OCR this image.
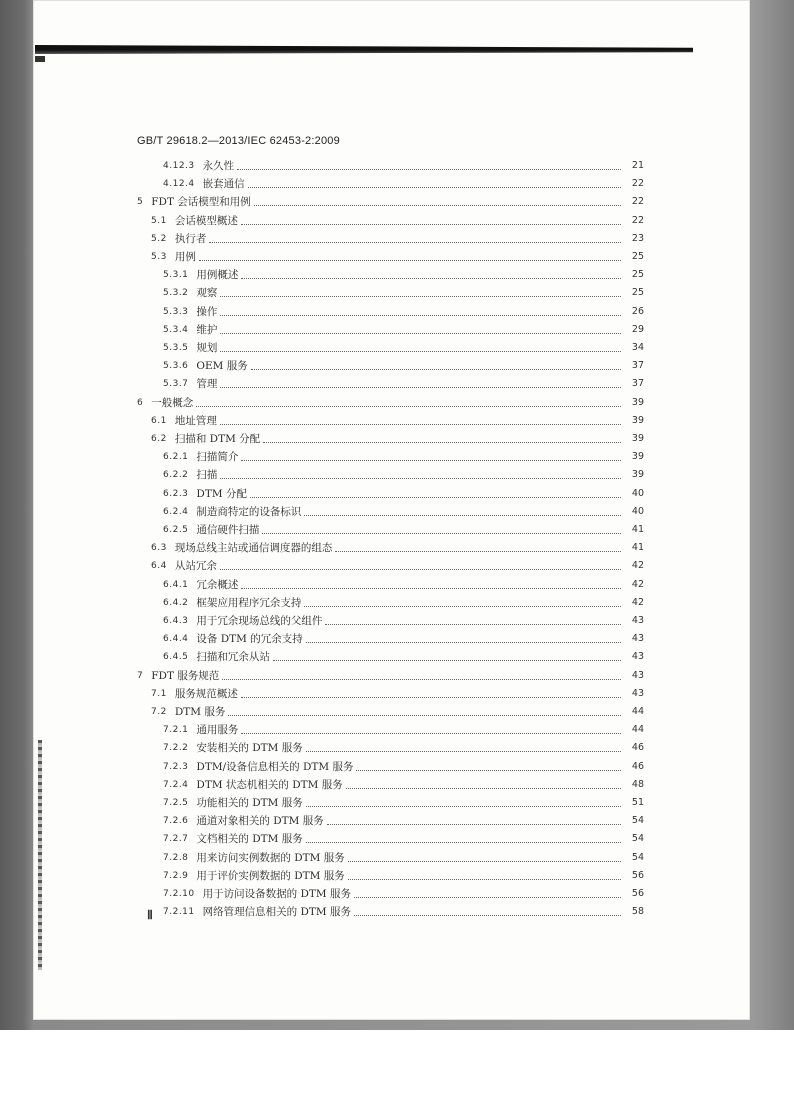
GB/T 29618.2—2013/IEC 62453-2:2009
4.12.3 永久性	21
4.12.4 嵌套通信	22
5 FDT 会话模型和用例	22
5.1 会话模型概述	22
5.2 执行者	23
5.3 用例	25
5.3.1 用例概述	25
5.3.2 观察	25
5.3.3 操作	26
5.3.4 维护	29
5.3.5 规划	34
5.3.6 OEM 服务	37
5.3.7 管理	37
6 一般概念	39
6.1 地址管理	39
6.2 扫描和 DTM 分配	39
6.2.1 扫描简介	39
6.2.2 扫描	39
6.2.3 DTM 分配	40
6.2.4 制造商特定的设备标识	40
6.2.5 通信硬件扫描	41
6.3 现场总线主站或通信调度器的组态	41
6.4 从站冗余	42
6.4.1 冗余概述	42
6.4.2 框架应用程序冗余支持	42
6.4.3 用于冗余现场总线的父组件	43
6.4.4 设备 DTM 的冗余支持	43
6.4.5 扫描和冗余从站	43
7 FDT 服务规范	43
7.1 服务规范概述	43
7.2 DTM 服务	44
7.2.1 通用服务	44
7.2.2 安装相关的 DTM 服务	46
7.2.3 DTM/设备信息相关的 DTM 服务	46
7.2.4 DTM 状态机相关的 DTM 服务	48
7.2.5 功能相关的 DTM 服务	51
7.2.6 通道对象相关的 DTM 服务	54
7.2.7 文档相关的 DTM 服务	54
7.2.8 用来访问实例数据的 DTM 服务	54
7.2.9 用于评价实例数据的 DTM 服务	56
7.2.10 用于访问设备数据的 DTM 服务	56
7.2.11 网络管理信息相关的 DTM 服务	58
Ⅱ
